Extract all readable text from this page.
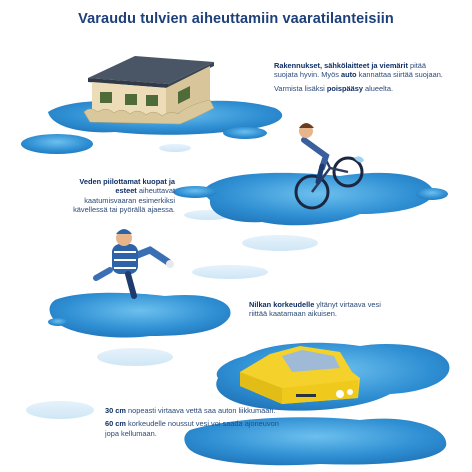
Varaudu tulvien aiheuttamiin vaaratilanteisiin

Rakennukset, sähkölaitteet ja viemärit pitää suojata hyvin. Myös auto kannattaa siirtää suojaan.

Varmista lisäksi poispääsy alueelta.

Veden piilottamat kuopat ja esteet aiheuttavat kaatumisvaaran esimerkiksi kävellessä tai pyörällä ajaessa.

Nilkan korkeudelle yltänyt virtaava vesi riittää kaatamaan aikuisen.

30 cm nopeasti virtaava vettä saa auton liikkumaan.

60 cm korkeudelle noussut vesi voi saada ajoneuvon jopa kellumaan.
